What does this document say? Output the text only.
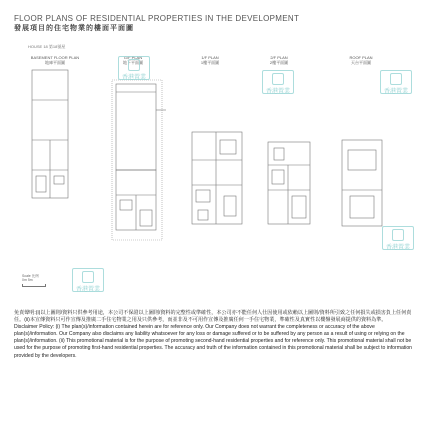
FLOOR PLANS OF RESIDENTIAL PROPERTIES IN THE DEVELOPMENT
發展項目的住宅物業的樓面平面圖
HOUSE 18 第18號屋
BASEMENT FLOOR PLAN
地庫平面圖
G/F PLAN
地下平面圖
1/F PLAN
1樓平面圖
2/F PLAN
2樓平面圖
ROOF PLAN
天台平面圖
Scale 比例
0m 5m
香港置業
香港置業	香港置業
香港置業
香港置業

免責聲明:(i)以上圖則/資料只供參考用途，本公司不保證以上圖則/資料的完整性或準確性，本公司亦不能任何人仕因使用或依賴以上圖則/資料所引致之任何損失或損害負上任何責任。(ii)本宣傳資料只可作宣傳及推廣二手住宅物業之用及只供參考，而並非及不可用作宣傳及推廣任何一手住宅物業，準確性及真實性以樓盤發展商提供的資料為準。

Disclaimer Policy: (i) The plan(s)/information contained herein are for reference only. Our Company does not warrant the completeness or accuracy of the above plan(s)/information. Our Company also disclaims any liability whatsoever for any loss or damage suffered or to be suffered by any person as a result of using or relying on the plan(s)/information. (ii) This promotional material is for the purpose of promoting second-hand residential properties and for reference only. This promotional material shall not be used for the purpose of promoting first-hand residential properties. The accuracy and truth of the information contained in this promotional material shall be subject to information provided by the developers.
